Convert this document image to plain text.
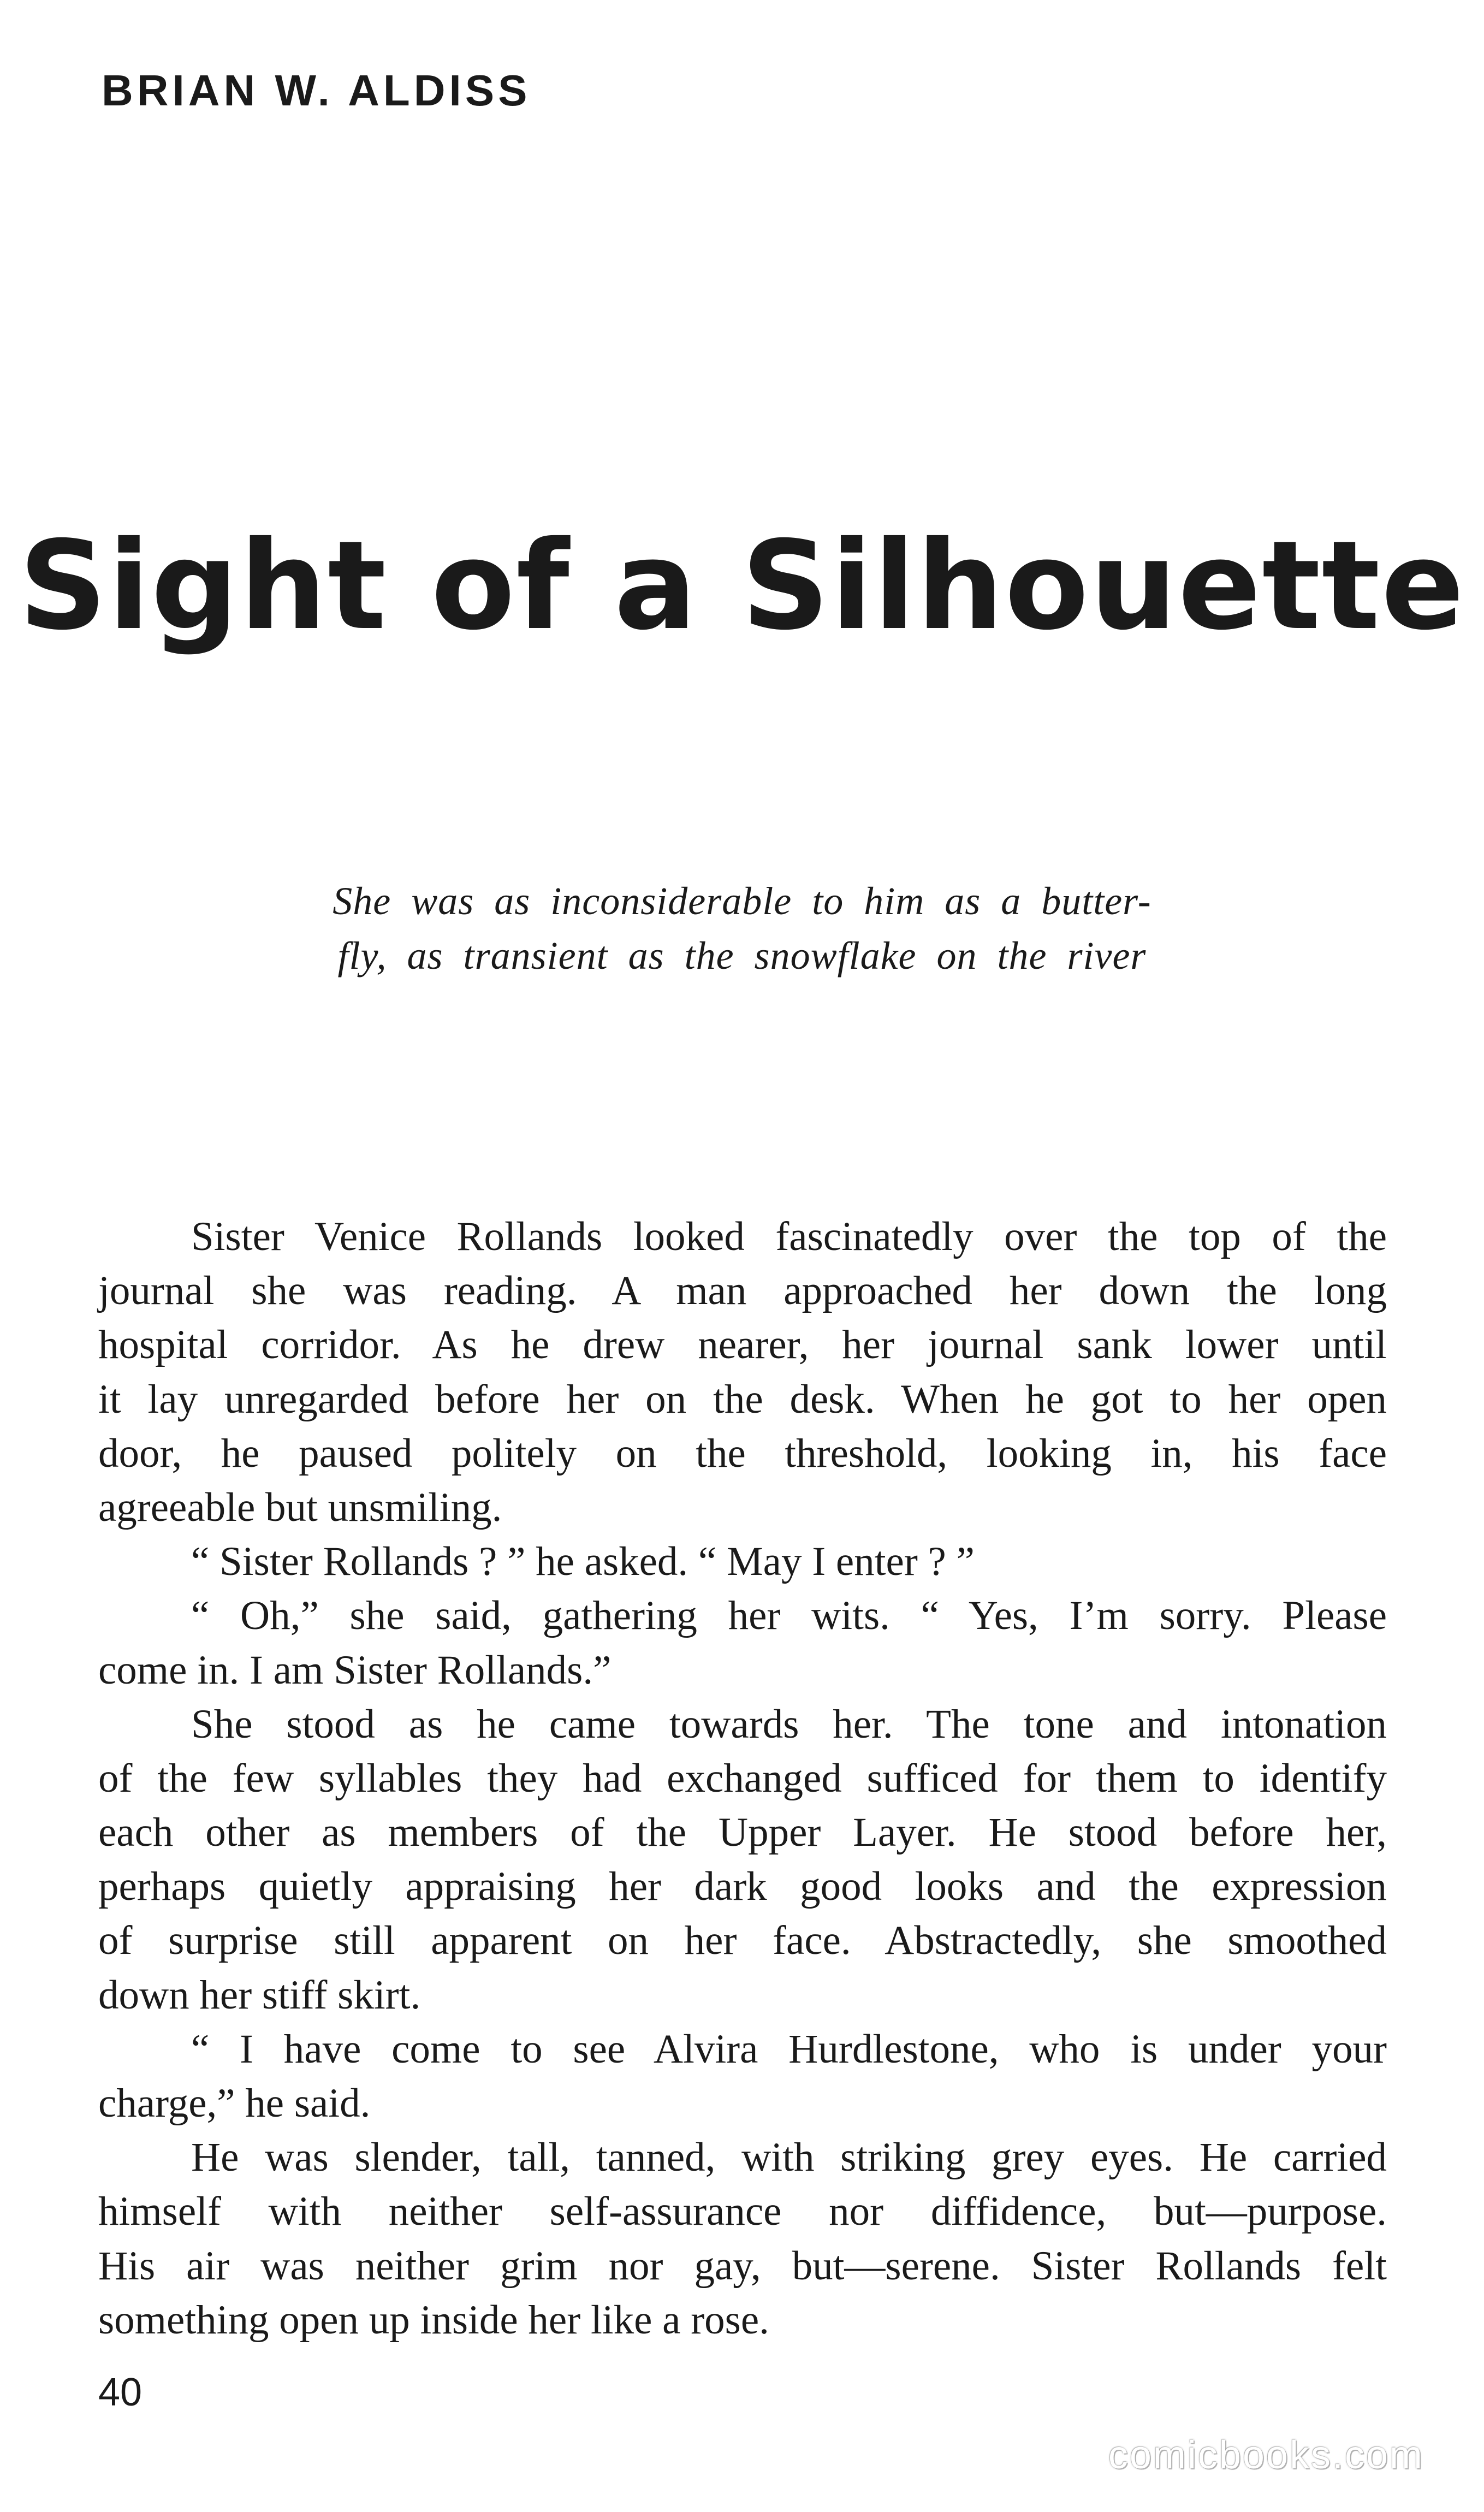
BRIAN W. ALDISS
Sight of a Silhouette
She was as inconsiderable to him as a butter-
fly, as transient as the snowflake on the river
Sister Venice Rollands looked fascinatedly over the top of the
journal she was reading. A man approached her down the long
hospital corridor. As he drew nearer, her journal sank lower until
it lay unregarded before her on the desk. When he got to her open
door, he paused politely on the threshold, looking in, his face
agreeable but unsmiling.
“ Sister Rollands ? ” he asked. “ May I enter ? ”
“ Oh,” she said, gathering her wits. “ Yes, I’m sorry. Please
come in. I am Sister Rollands.”
She stood as he came towards her. The tone and intonation
of the few syllables they had exchanged sufficed for them to identify
each other as members of the Upper Layer. He stood before her,
perhaps quietly appraising her dark good looks and the expression
of surprise still apparent on her face. Abstractedly, she smoothed
down her stiff skirt.
“ I have come to see Alvira Hurdlestone, who is under your
charge,” he said.
He was slender, tall, tanned, with striking grey eyes. He carried
himself with neither self-assurance nor diffidence, but—purpose.
His air was neither grim nor gay, but—serene. Sister Rollands felt
something open up inside her like a rose.

40

comicbooks.com
